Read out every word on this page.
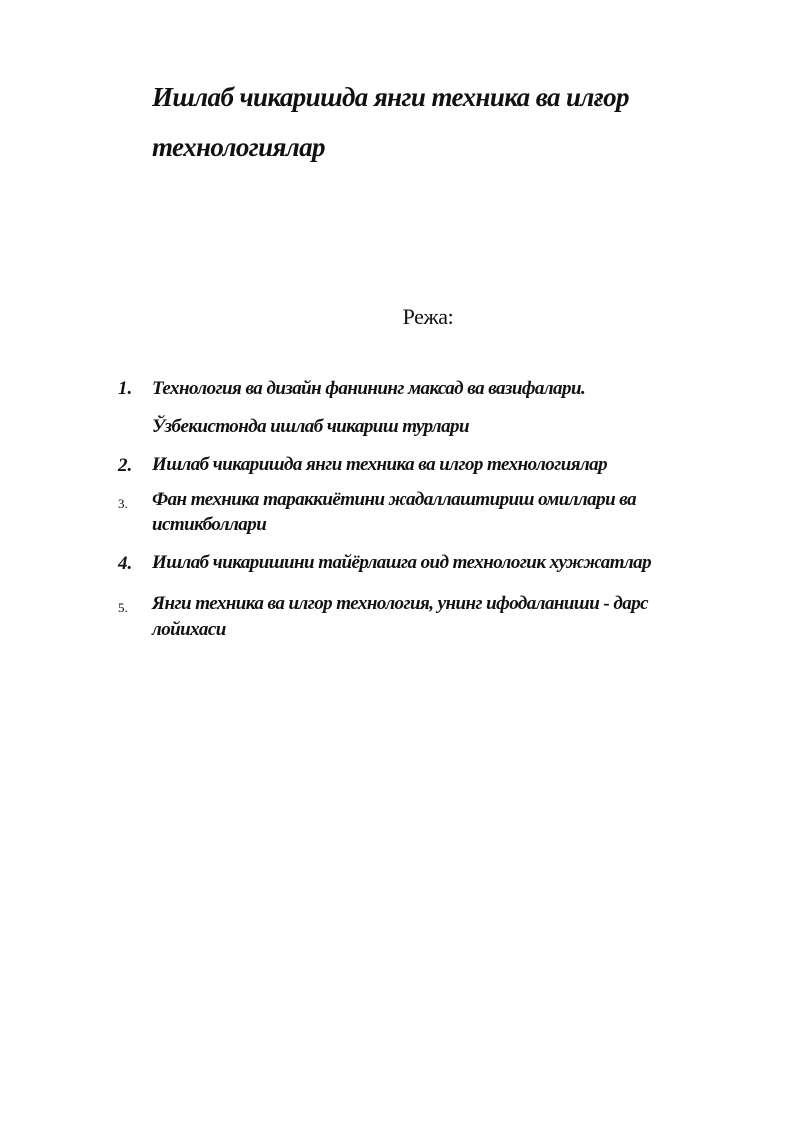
Ишлаб чикаришда янги техника ва илғор
технологиялар
Режа:
1. Технология ва дизайн фанининг максад ва вазифалари.
Ўзбекистонда ишлаб чикариш турлари
2. Ишлаб чикаришда янги техника ва илгор технологиялар
3. Фан техника тараккиётини жадаллаштириш омиллари ва
истикболлари
4. Ишлаб чикаришини тайёрлашга оид технологик хужжатлар
5. Янги техника ва илгор технология, унинг ифодаланиши - дарс
лойихаси
